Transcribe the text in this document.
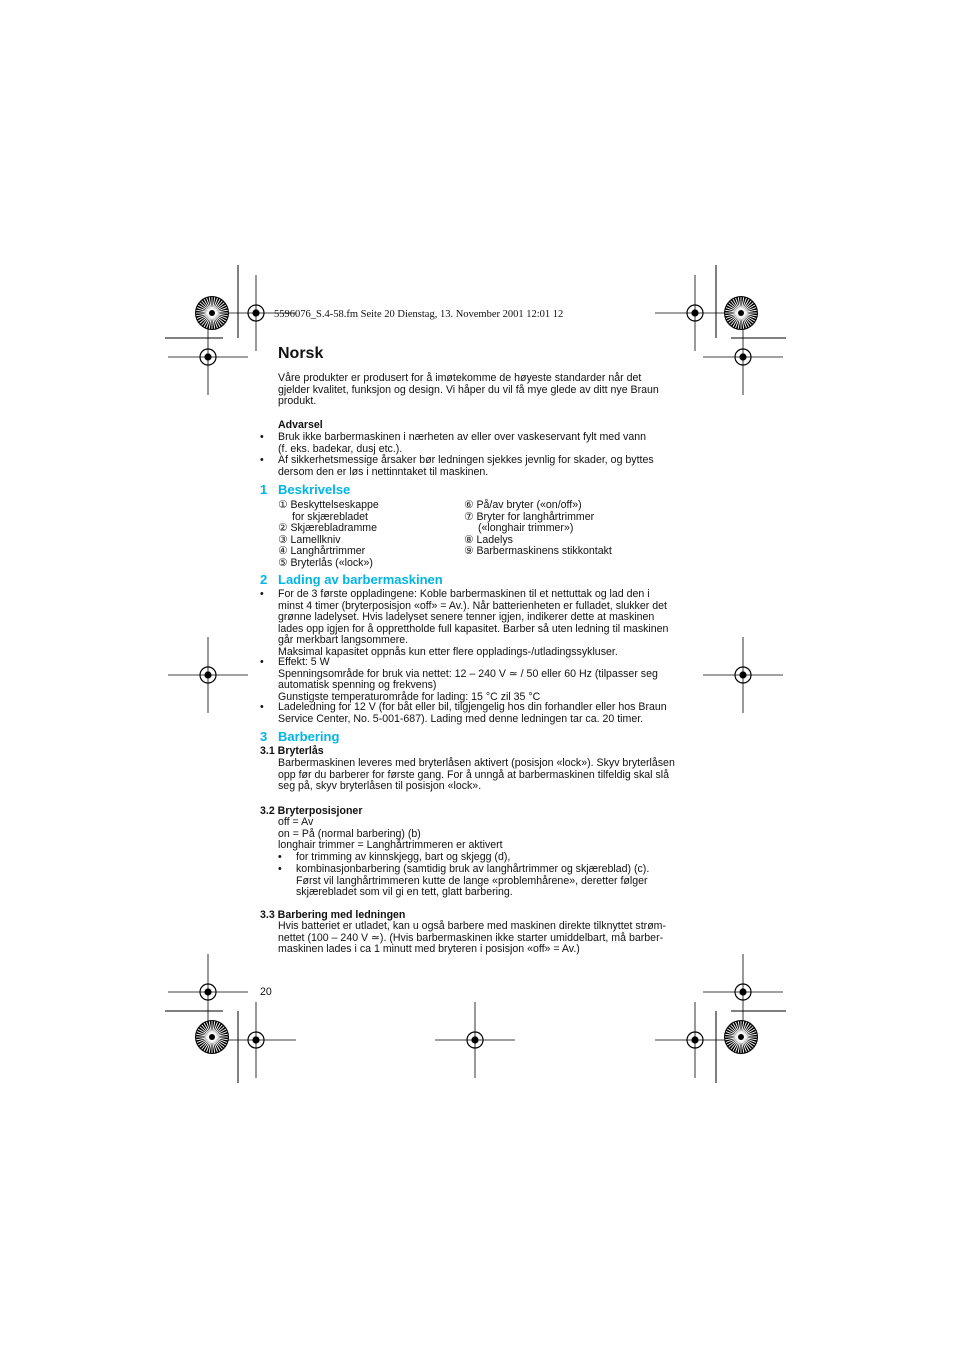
5596076_S.4-58.fm Seite 20 Dienstag, 13. November 2001 12:01 12
Norsk
Våre produkter er produsert for å imøtekomme de høyeste standarder når det
gjelder kvalitet, funksjon og design. Vi håper du vil få mye glede av ditt nye Braun
produkt.
Advarsel
• Bruk ikke barbermaskinen i nærheten av eller over vaskeservant fylt med vann
(f. eks. badekar, dusj etc.).
• Af sikkerhetsmessige årsaker bør ledningen sjekkes jevnlig for skader, og byttes
dersom den er løs i nettinntaket til maskinen.
1 Beskrivelse
① Beskyttelseskappe
for skjærebladet
② Skjærebladramme
③ Lamellkniv
④ Langhårtrimmer
⑤ Bryterlås («lock»)
⑥ På/av bryter («on/off»)
⑦ Bryter for langhårtrimmer
(«longhair trimmer»)
⑧ Ladelys
⑨ Barbermaskinens stikkontakt
2 Lading av barbermaskinen
• For de 3 første oppladingene: Koble barbermaskinen til et nettuttak og lad den i
minst 4 timer (bryterposisjon «off» = Av.). Når batterienheten er fulladet, slukker det
grønne ladelyset. Hvis ladelyset senere tenner igjen, indikerer dette at maskinen
lades opp igjen for å opprettholde full kapasitet. Barber så uten ledning til maskinen
går merkbart langsommere.
Maksimal kapasitet oppnås kun etter flere oppladings-/utladingssykluser.
• Effekt: 5 W
Spenningsområde for bruk via nettet: 12 – 240 V ≃ / 50 eller 60 Hz (tilpasser seg
automatisk spenning og frekvens)
Gunstigste temperaturområde for lading: 15 °C zil 35 °C
• Ladeledning for 12 V (for båt eller bil, tilgjengelig hos din forhandler eller hos Braun
Service Center, No. 5-001-687). Lading med denne ledningen tar ca. 20 timer.
3 Barbering
3.1 Bryterlås
Barbermaskinen leveres med bryterlåsen aktivert (posisjon «lock»). Skyv bryterlåsen
opp før du barberer for første gang. For å unngå at barbermaskinen tilfeldig skal slå
seg på, skyv bryterlåsen til posisjon «lock».
3.2 Bryterposisjoner
off = Av
on = På (normal barbering) (b)
longhair trimmer = Langhårtrimmeren er aktivert
• for trimming av kinnskjegg, bart og skjegg (d),
• kombinasjonbarbering (samtidig bruk av langhårtrimmer og skjæreblad) (c).
Først vil langhårtrimmeren kutte de lange «problemhårene», deretter følger
skjærebladet som vil gi en tett, glatt barbering.
3.3 Barbering med ledningen
Hvis batteriet er utladet, kan u også barbere med maskinen direkte tilknyttet strøm-
nettet (100 – 240 V ≃). (Hvis barbermaskinen ikke starter umiddelbart, må barber-
maskinen lades i ca 1 minutt med bryteren i posisjon «off» = Av.)
20
